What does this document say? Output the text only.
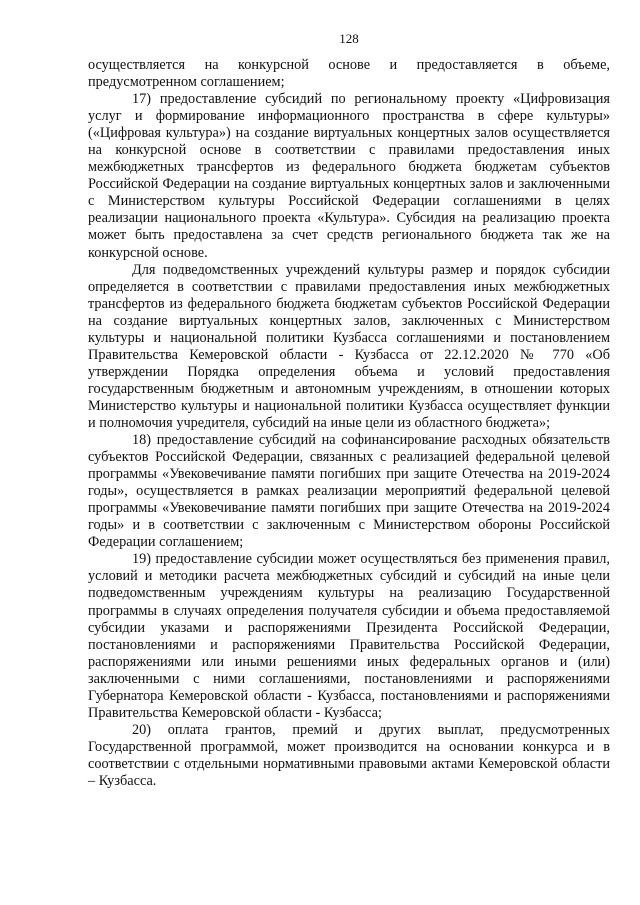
128

осуществляется на конкурсной основе и предоставляется в объеме, предусмотренном соглашением;

17) предоставление субсидий по региональному проекту «Цифровизация услуг и формирование информационного пространства в сфере культуры» («Цифровая культура») на создание виртуальных концертных залов осуществляется на конкурсной основе в соответствии с правилами предоставления иных межбюджетных трансфертов из федерального бюджета бюджетам субъектов Российской Федерации на создание виртуальных концертных залов и заключенными с Министерством культуры Российской Федерации соглашениями в целях реализации национального проекта «Культура». Субсидия на реализацию проекта может быть предоставлена за счет средств регионального бюджета так же на конкурсной основе.

Для подведомственных учреждений культуры размер и порядок субсидии определяется в соответствии с правилами предоставления иных межбюджетных трансфертов из федерального бюджета бюджетам субъектов Российской Федерации на создание виртуальных концертных залов, заключенных с Министерством культуры и национальной политики Кузбасса соглашениями и постановлением Правительства Кемеровской области - Кузбасса от 22.12.2020 № 770 «Об утверждении Порядка определения объема и условий предоставления государственным бюджетным и автономным учреждениям, в отношении которых Министерство культуры и национальной политики Кузбасса осуществляет функции и полномочия учредителя, субсидий на иные цели из областного бюджета»;

18) предоставление субсидий на софинансирование расходных обязательств субъектов Российской Федерации, связанных с реализацией федеральной целевой программы «Увековечивание памяти погибших при защите Отечества на 2019-2024 годы», осуществляется в рамках реализации мероприятий федеральной целевой программы «Увековечивание памяти погибших при защите Отечества на 2019-2024 годы» и в соответствии с заключенным с Министерством обороны Российской Федерации соглашением;

19) предоставление субсидии может осуществляться без применения правил, условий и методики расчета межбюджетных субсидий и субсидий на иные цели подведомственным учреждениям культуры на реализацию Государственной программы в случаях определения получателя субсидии и объема предоставляемой субсидии указами и распоряжениями Президента Российской Федерации, постановлениями и распоряжениями Правительства Российской Федерации, распоряжениями или иными решениями иных федеральных органов и (или) заключенными с ними соглашениями, постановлениями и распоряжениями Губернатора Кемеровской области - Кузбасса, постановлениями и распоряжениями Правительства Кемеровской области - Кузбасса;

20) оплата грантов, премий и других выплат, предусмотренных Государственной программой, может производится на основании конкурса и в соответствии с отдельными нормативными правовыми актами Кемеровской области – Кузбасса.
